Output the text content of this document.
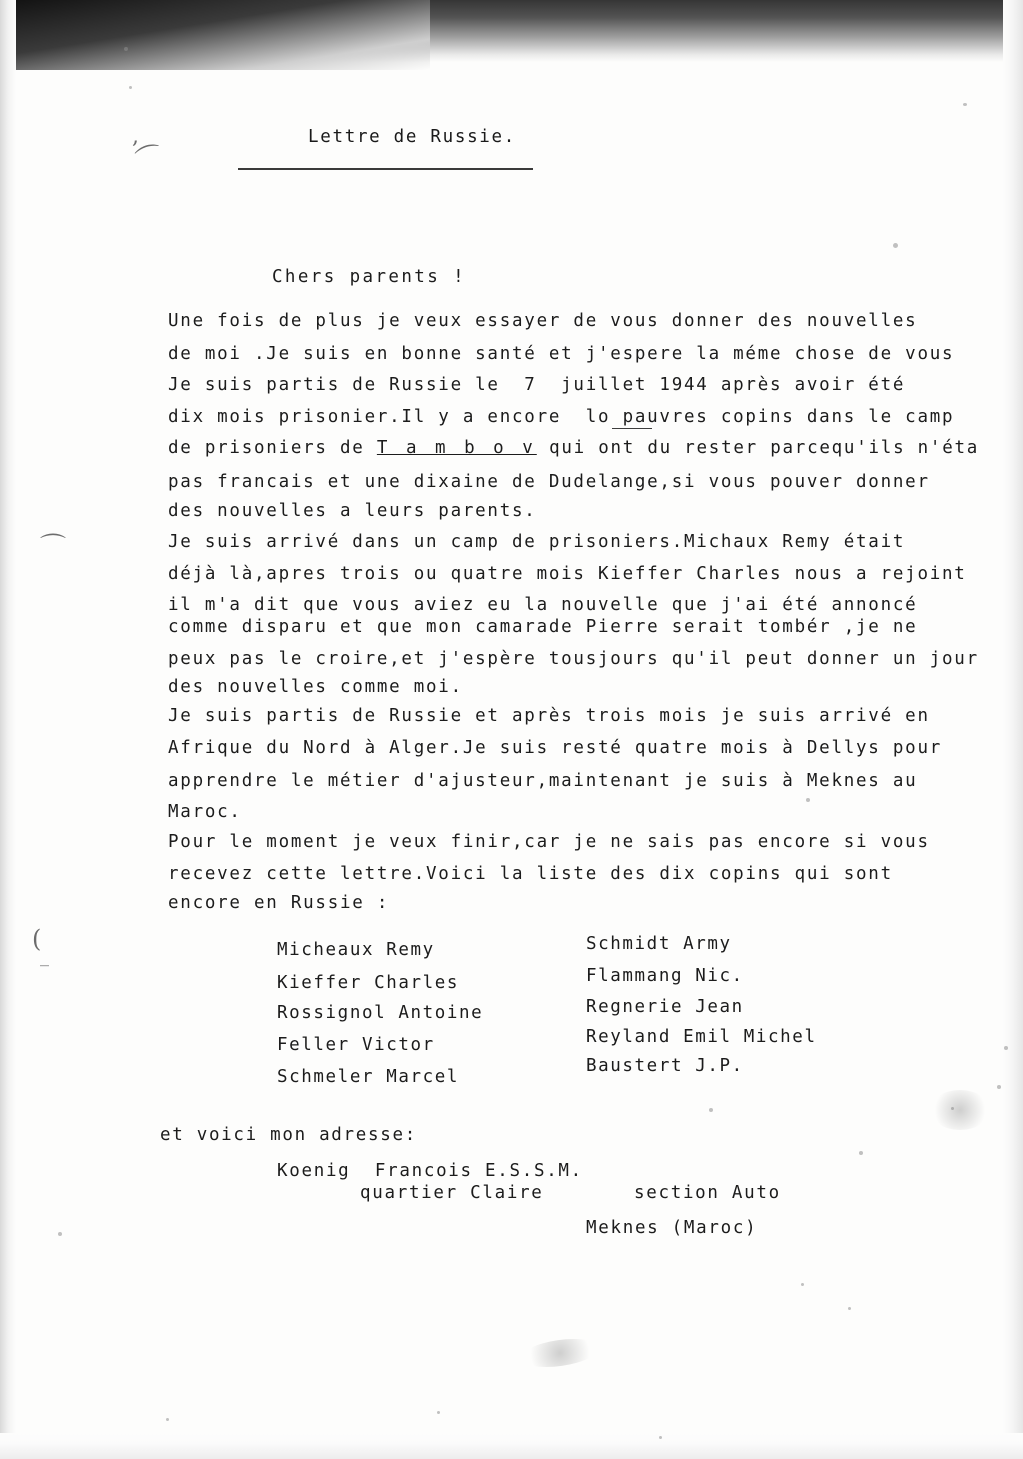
,
⌒
⌒
(
_
Lettre de Russie.
Chers parents !
Une fois de plus je veux essayer de vous donner des nouvelles
de moi .Je suis en bonne santé et j'espere la méme chose de vous
Je suis partis de Russie le  7  juillet 1944 après avoir été
dix mois prisonier.Il y a encore  lo pauvres copins dans le camp
de prisoniers de T a m b o v qui ont du rester parcequ'ils n'éta
pas francais et une dixaine de Dudelange,si vous pouver donner
des nouvelles a leurs parents.
Je suis arrivé dans un camp de prisoniers.Michaux Remy était
déjà là,apres trois ou quatre mois Kieffer Charles nous a rejoint
il m'a dit que vous aviez eu la nouvelle que j'ai été annoncé
comme disparu et que mon camarade Pierre serait tombér ,je ne
peux pas le croire,et j'espère tousjours qu'il peut donner un jour
des nouvelles comme moi.
Je suis partis de Russie et après trois mois je suis arrivé en
Afrique du Nord à Alger.Je suis resté quatre mois à Dellys pour
apprendre le métier d'ajusteur,maintenant je suis à Meknes au
Maroc.
Pour le moment je veux finir,car je ne sais pas encore si vous
recevez cette lettre.Voici la liste des dix copins qui sont
encore en Russie :
Micheaux Remy
Kieffer Charles
Rossignol Antoine
Feller Victor
Schmeler Marcel
Schmidt Army
Flammang Nic.
Regnerie Jean
Reyland Emil Michel
Baustert J.P.
et voici mon adresse:
Koenig  Francois E.S.S.M.
quartier Claire	section Auto
Meknes (Maroc)
